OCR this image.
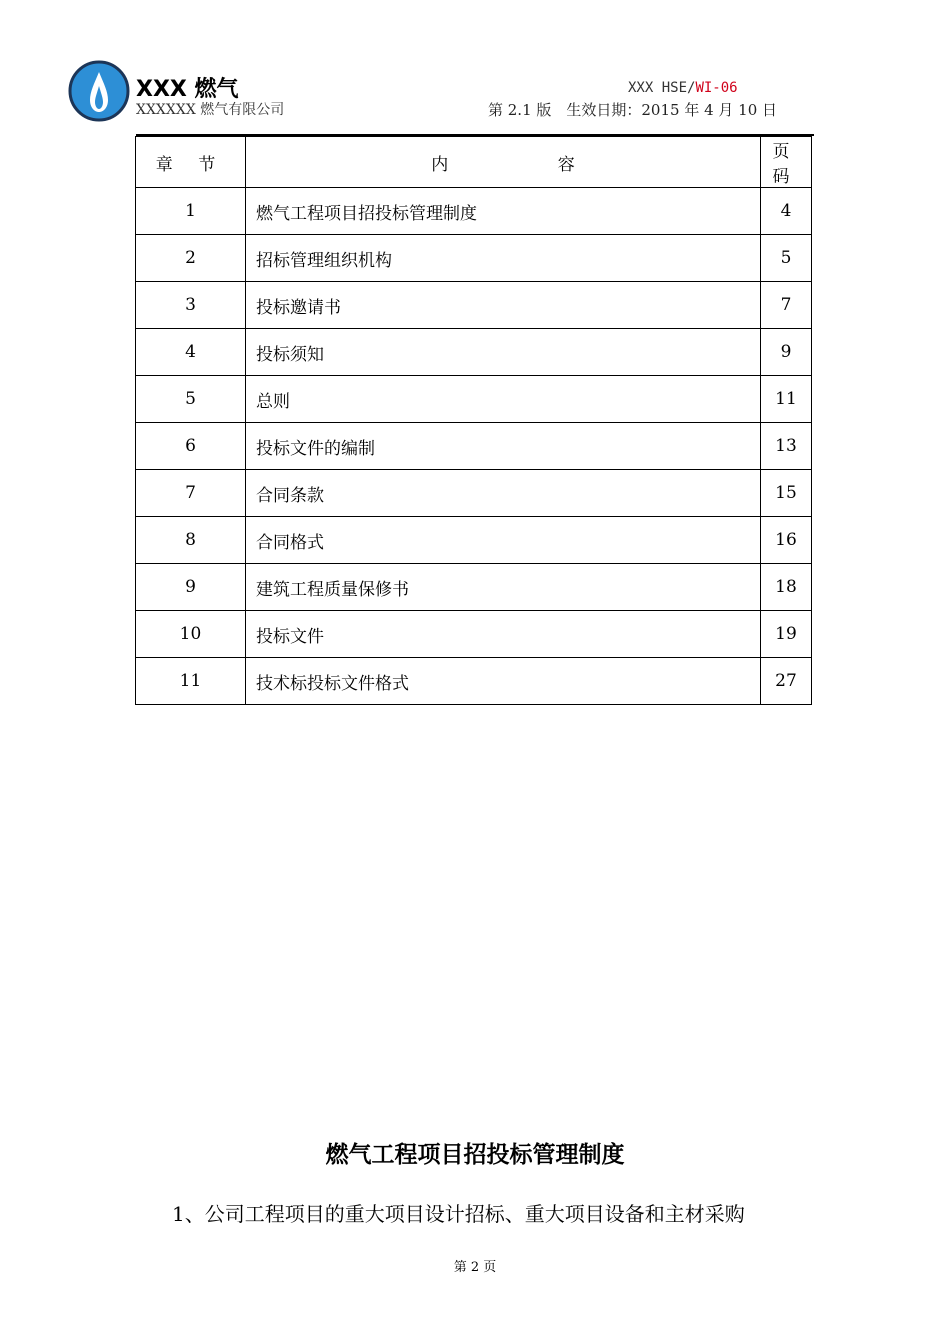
XXX 燃气
XXXXXX 燃气有限公司
XXX HSE/WI-06
第 2.1 版　生效日期：2015 年 4 月 10 日
章 节	内 容	页 码
1	燃气工程项目招投标管理制度	4
2	招标管理组织机构	5
3	投标邀请书	7
4	投标须知	9
5	总则	11
6	投标文件的编制	13
7	合同条款	15
8	合同格式	16
9	建筑工程质量保修书	18
10	投标文件	19
11	技术标投标文件格式	27
燃气工程项目招投标管理制度
1、公司工程项目的重大项目设计招标、重大项目设备和主材采购
第 2 页
